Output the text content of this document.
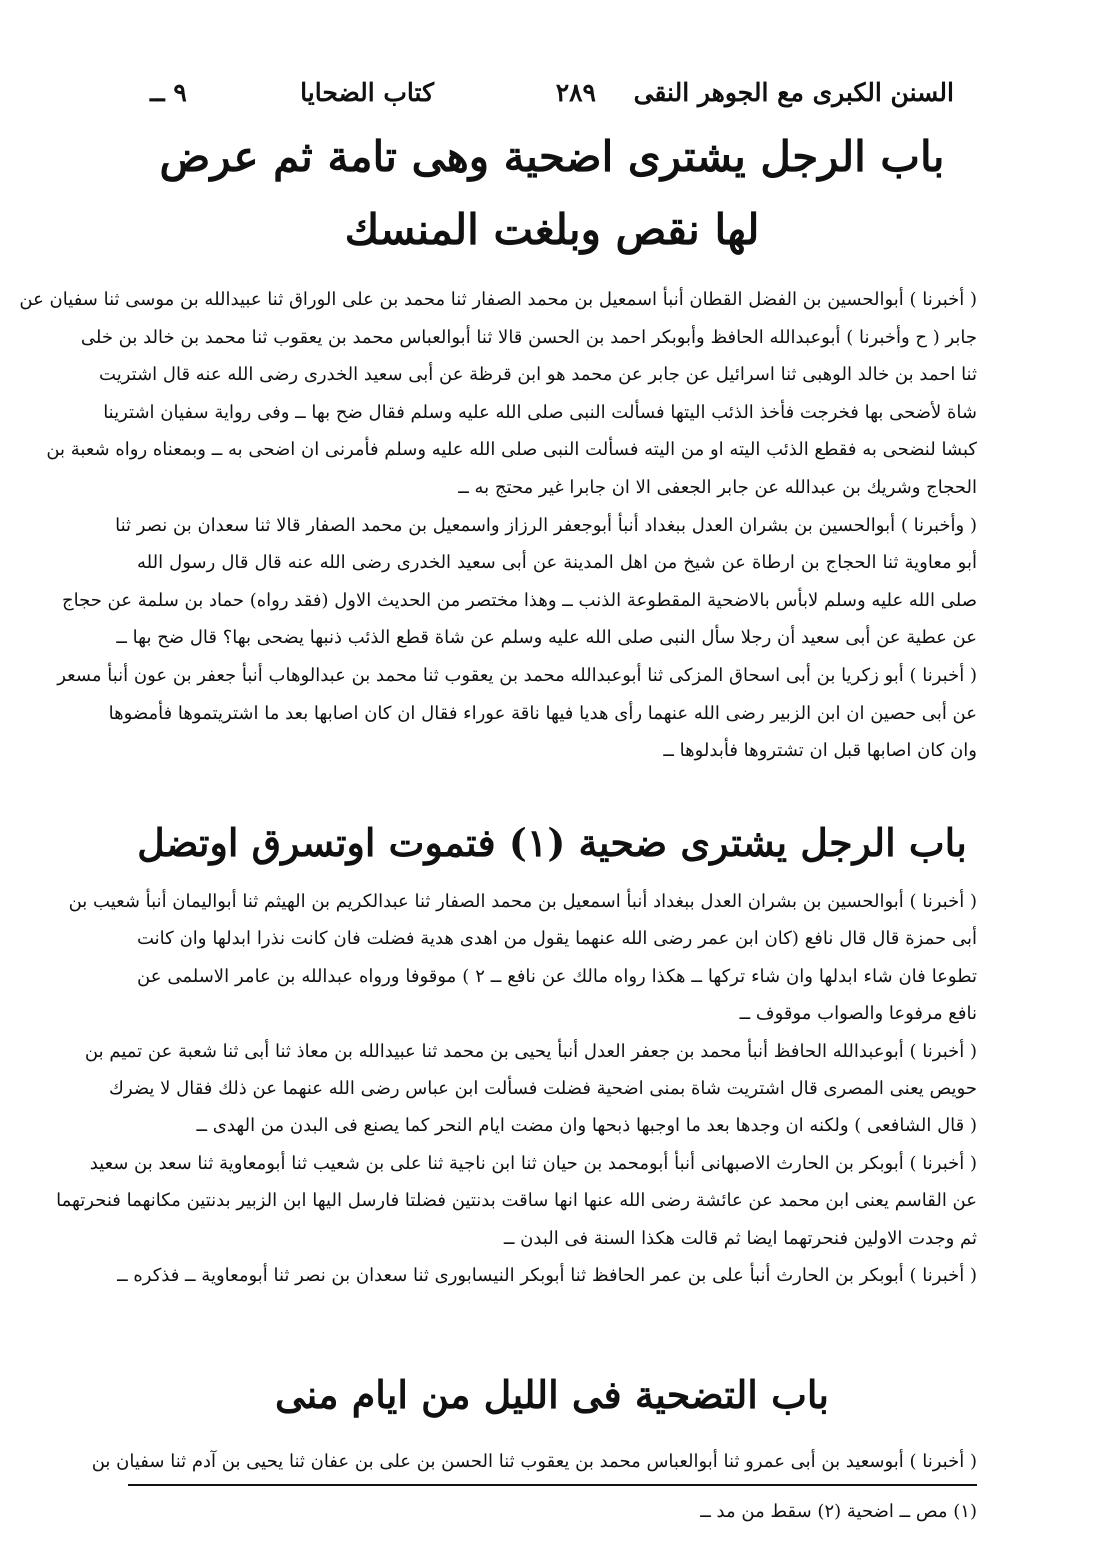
السنن الكبرى مع الجوهر النقى
٢٨٩
كتاب الضحايا
٩ ــ
باب الرجل يشترى اضحية وهى تامة ثم عرض
لها نقص وبلغت المنسك
( أخبرنا ) أبوالحسين بن الفضل القطان أنبأ اسمعيل بن محمد الصفار ثنا محمد بن على الوراق ثنا عبيدالله بن موسى ثنا سفيان عن
جابر ( ح وأخبرنا ) أبوعبدالله الحافظ وأبوبكر احمد بن الحسن قالا ثنا أبوالعباس محمد بن يعقوب ثنا محمد بن خالد بن خلى
ثنا احمد بن خالد الوهبى ثنا اسرائيل عن جابر عن محمد هو ابن قرظة عن أبى سعيد الخدرى رضى الله عنه قال اشتريت
شاة لأضحى بها فخرجت فأخذ الذئب اليتها فسألت النبى صلى الله عليه وسلم فقال ضح بها ــ وفى رواية سفيان اشترينا
كبشا لنضحى به فقطع الذئب اليته او من اليته فسألت النبى صلى الله عليه وسلم فأمرنى ان اضحى به ــ وبمعناه رواه شعبة بن
الحجاج وشريك بن عبدالله عن جابر الجعفى الا ان جابرا غير محتج به ــ
( وأخبرنا ) أبوالحسين بن بشران العدل ببغداد أنبأ أبوجعفر الرزاز واسمعيل بن محمد الصفار قالا ثنا سعدان بن نصر ثنا
أبو معاوية ثنا الحجاج بن ارطاة عن شيخ من اهل المدينة عن أبى سعيد الخدرى رضى الله عنه قال قال رسول الله
صلى الله عليه وسلم لابأس بالاضحية المقطوعة الذنب ــ وهذا مختصر من الحديث الاول (فقد رواه) حماد بن سلمة عن حجاج
عن عطية عن أبى سعيد أن رجلا سأل النبى صلى الله عليه وسلم عن شاة قطع الذئب ذنبها يضحى بها؟ قال ضح بها ــ
( أخبرنا ) أبو زكريا بن أبى اسحاق المزكى ثنا أبوعبدالله محمد بن يعقوب ثنا محمد بن عبدالوهاب أنبأ جعفر بن عون أنبأ مسعر
عن أبى حصين ان ابن الزبير رضى الله عنهما رأى هديا فيها ناقة عوراء فقال ان كان اصابها بعد ما اشتريتموها فأمضوها
وان كان اصابها قبل ان تشتروها فأبدلوها ــ
باب الرجل يشترى ضحية (١) فتموت اوتسرق اوتضل
( أخبرنا ) أبوالحسين بن بشران العدل ببغداد أنبأ اسمعيل بن محمد الصفار ثنا عبدالكريم بن الهيثم ثنا أبواليمان أنبأ شعيب بن
أبى حمزة قال قال نافع (كان ابن عمر رضى الله عنهما يقول من اهدى هدية فضلت فان كانت نذرا ابدلها وان كانت
تطوعا فان شاء ابدلها وان شاء تركها ــ هكذا رواه مالك عن نافع ــ ٢ ) موقوفا ورواه عبدالله بن عامر الاسلمى عن
نافع مرفوعا والصواب موقوف ــ
( أخبرنا ) أبوعبدالله الحافظ أنبأ محمد بن جعفر العدل أنبأ يحيى بن محمد ثنا عبيدالله بن معاذ ثنا أبى ثنا شعبة عن تميم بن
حويص يعنى المصرى قال اشتريت شاة بمنى اضحية فضلت فسألت ابن عباس رضى الله عنهما عن ذلك فقال لا يضرك
( قال الشافعى ) ولكنه ان وجدها بعد ما اوجبها ذبحها وان مضت ايام النحر كما يصنع فى البدن من الهدى ــ
( أخبرنا ) أبوبكر بن الحارث الاصبهانى أنبأ أبومحمد بن حيان ثنا ابن ناجية ثنا على بن شعيب ثنا أبومعاوية ثنا سعد بن سعيد
عن القاسم يعنى ابن محمد عن عائشة رضى الله عنها انها ساقت بدنتين فضلتا فارسل اليها ابن الزبير بدنتين مكانهما فنحرتهما
ثم وجدت الاولين فنحرتهما ايضا ثم قالت هكذا السنة فى البدن ــ
( أخبرنا ) أبوبكر بن الحارث أنبأ على بن عمر الحافظ ثنا أبوبكر النيسابورى ثنا سعدان بن نصر ثنا أبومعاوية ــ فذكره ــ
باب التضحية فى الليل من ايام منى
( أخبرنا ) أبوسعيد بن أبى عمرو ثنا أبوالعباس محمد بن يعقوب ثنا الحسن بن على بن عفان ثنا يحيى بن آدم ثنا سفيان بن
(١) مص ــ اضحية (٢) سقط من مد ــ
